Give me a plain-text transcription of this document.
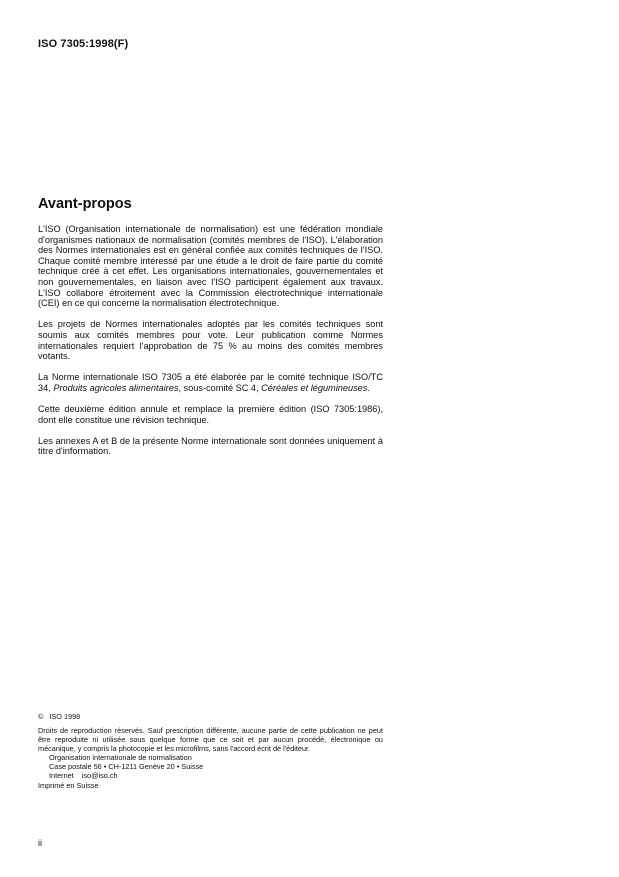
ISO 7305:1998(F)
Avant-propos

L'ISO (Organisation internationale de normalisation) est une fédération mondiale d'organismes nationaux de normalisation (comités membres de l'ISO). L'élaboration des Normes internationales est en général confiée aux comités techniques de l'ISO. Chaque comité membre intéressé par une étude a le droit de faire partie du comité technique créé à cet effet. Les organisations internationales, gouvernementales et non gouvernementales, en liaison avec l'ISO participent également aux travaux. L'ISO collabore étroitement avec la Commission électrotechnique internationale (CEI) en ce qui concerne la normalisation électrotechnique.

Les projets de Normes internationales adoptés par les comités techniques sont soumis aux comités membres pour vote. Leur publication comme Normes internationales requiert l'approbation de 75 % au moins des comités membres votants.

La Norme internationale ISO 7305 a été élaborée par le comité technique ISO/TC 34, Produits agricoles alimentaires, sous-comité SC 4, Céréales et légumineuses.

Cette deuxième édition annule et remplace la première édition (ISO 7305:1986), dont elle constitue une révision technique.

Les annexes A et B de la présente Norme internationale sont données uniquement à titre d'information.

© ISO 1998
Droits de reproduction réservés. Sauf prescription différente, aucune partie de cette publication ne peut être reproduite ni utilisée sous quelque forme que ce soit et par aucun procédé, électronique ou mécanique, y compris la photocopie et les microfilms, sans l'accord écrit de l'éditeur.
Organisation internationale de normalisation
Case postale 56 • CH-1211 Genève 20 • Suisse
Internet iso@iso.ch
Imprimé en Suisse
ii
